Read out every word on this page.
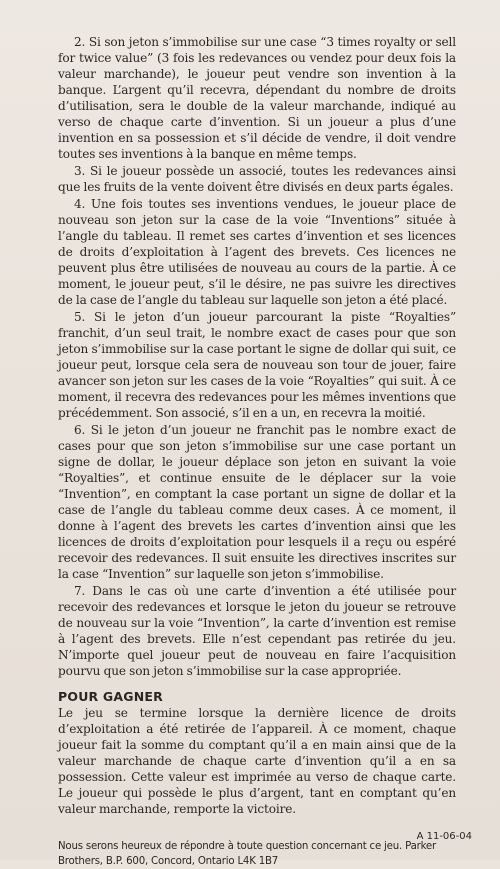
2. Si son jeton s’immobilise sur une case “3 times royalty or sell for twice value” (3 fois les redevances ou vendez pour deux fois la valeur marchande), le joueur peut vendre son invention à la banque. L’argent qu’il recevra, dépendant du nombre de droits d’utilisation, sera le double de la valeur marchande, indiqué au verso de chaque carte d’invention. Si un joueur a plus d’une invention en sa possession et s’il décide de vendre, il doit vendre toutes ses inventions à la banque en même temps.

3. Si le joueur possède un associé, toutes les redevances ainsi que les fruits de la vente doivent être divisés en deux parts égales.

4. Une fois toutes ses inventions vendues, le joueur place de nouveau son jeton sur la case de la voie “Inventions” située à l’angle du tableau. Il remet ses cartes d’invention et ses licences de droits d’exploitation à l’agent des brevets. Ces licences ne peuvent plus être utilisées de nouveau au cours de la partie. À ce moment, le joueur peut, s’il le désire, ne pas suivre les directives de la case de l’angle du tableau sur laquelle son jeton a été placé.

5. Si le jeton d’un joueur parcourant la piste “Royalties” franchit, d’un seul trait, le nombre exact de cases pour que son jeton s’immobilise sur la case portant le signe de dollar qui suit, ce joueur peut, lorsque cela sera de nouveau son tour de jouer, faire avancer son jeton sur les cases de la voie “Royalties” qui suit. À ce moment, il recevra des redevances pour les mêmes inventions que précédemment. Son associé, s’il en a un, en recevra la moitié.

6. Si le jeton d’un joueur ne franchit pas le nombre exact de cases pour que son jeton s’immobilise sur une case portant un signe de dollar, le joueur déplace son jeton en suivant la voie “Royalties”, et continue ensuite de le déplacer sur la voie “Invention”, en comptant la case portant un signe de dollar et la case de l’angle du tableau comme deux cases. À ce moment, il donne à l’agent des brevets les cartes d’invention ainsi que les licences de droits d’exploitation pour lesquels il a reçu ou espéré recevoir des redevances. Il suit ensuite les directives inscrites sur la case “Invention” sur laquelle son jeton s’immobilise.

7. Dans le cas où une carte d’invention a été utilisée pour recevoir des redevances et lorsque le jeton du joueur se retrouve de nouveau sur la voie “Invention”, la carte d’invention est remise à l’agent des brevets. Elle n’est cependant pas retirée du jeu. N’importe quel joueur peut de nouveau en faire l’acquisition pourvu que son jeton s’immobilise sur la case appropriée.

POUR GAGNER

Le jeu se termine lorsque la dernière licence de droits d’exploitation a été retirée de l’appareil. À ce moment, chaque joueur fait la somme du comptant qu’il a en main ainsi que de la valeur marchande de chaque carte d’invention qu’il a en sa possession. Cette valeur est imprimée au verso de chaque carte. Le joueur qui possède le plus d’argent, tant en comptant qu’en valeur marchande, remporte la victoire.

Nous serons heureux de répondre à toute question concernant ce jeu. Parker Brothers, B.P. 600, Concord, Ontario L4K 1B7

A 11-06-04
